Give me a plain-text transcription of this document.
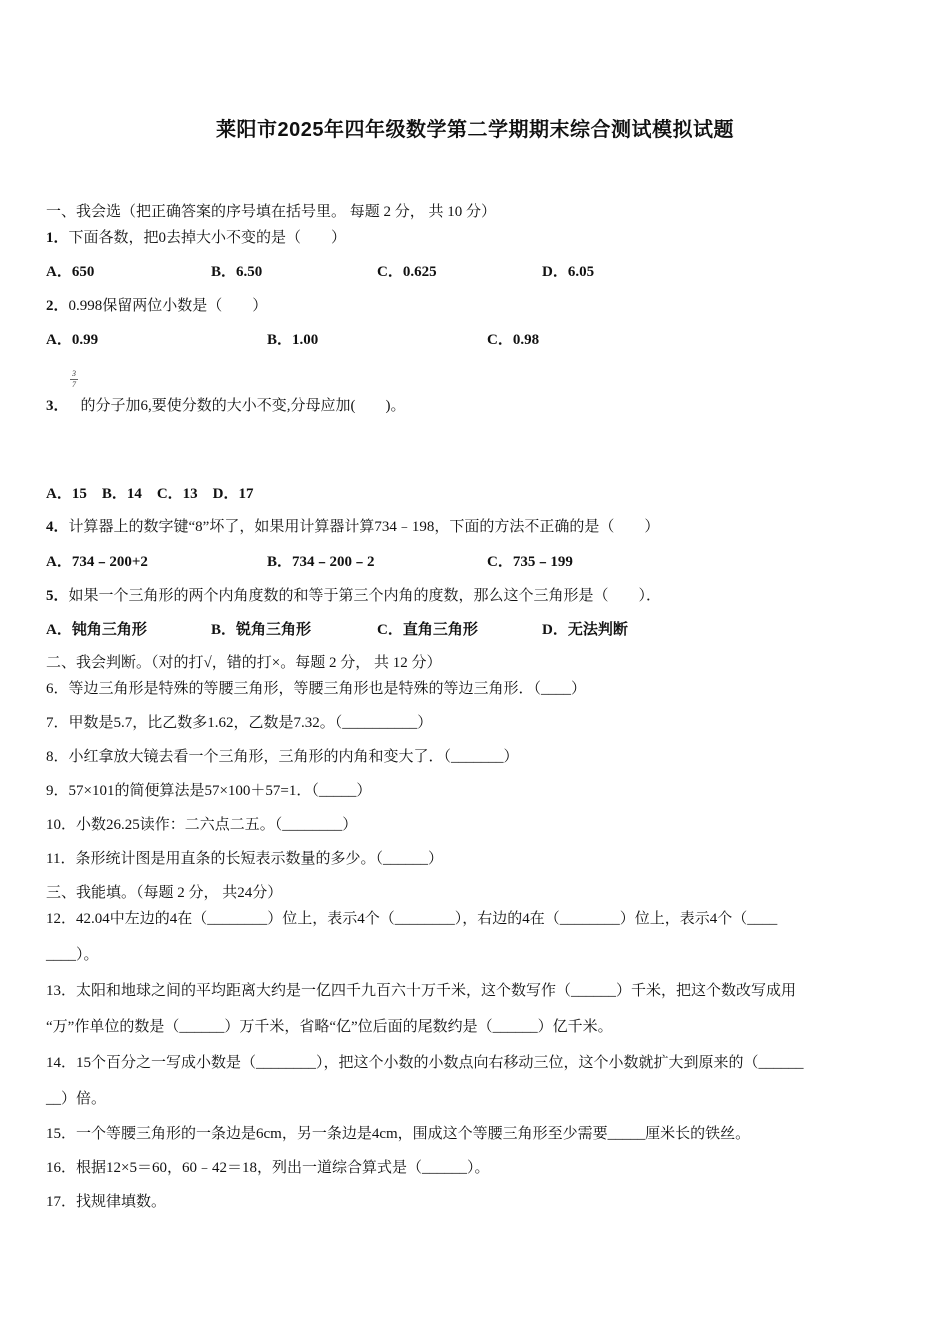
莱阳市2025年四年级数学第二学期期末综合测试模拟试题
一、我会选（把正确答案的序号填在括号里。 每题 2 分， 共 10 分）
1．下面各数，把0去掉大小不变的是（　　）
A．650	B．6.50	C．0.625	D．6.05
2．0.998保留两位小数是（　　）
A．0.99	B．1.00	C．0.98
3
7
3． 的分子加6,要使分数的大小不变,分母应加(　　)。
A．15　B．14　C．13　D．17
4．计算器上的数字键“8”坏了，如果用计算器计算734﹣198，下面的方法不正确的是（　　）
A．734﹣200+2	B．734﹣200﹣2	C．735﹣199
5．如果一个三角形的两个内角度数的和等于第三个内角的度数，那么这个三角形是（　　）．
A．钝角三角形	B．锐角三角形	C．直角三角形	D．无法判断
二、我会判断。（对的打√，错的打×。每题 2 分， 共 12 分）
6．等边三角形是特殊的等腰三角形，等腰三角形也是特殊的等边三角形．（____）
7．甲数是5.7，比乙数多1.62，乙数是7.32。（__________）
8．小红拿放大镜去看一个三角形，三角形的内角和变大了．（_______）
9．57×101的简便算法是57×100＋57=1．（_____）
10．小数26.25读作：二六点二五。（________）
11．条形统计图是用直条的长短表示数量的多少。（______）
三、我能填。（每题 2 分， 共24分）
12．42.04中左边的4在（________）位上，表示4个（________），右边的4在（________）位上，表示4个（____
____）。
13．太阳和地球之间的平均距离大约是一亿四千九百六十万千米，这个数写作（______）千米，把这个数改写成用
“万”作单位的数是（______）万千米，省略“亿”位后面的尾数约是（______）亿千米。
14．15个百分之一写成小数是（________），把这个小数的小数点向右移动三位，这个小数就扩大到原来的（______
__）倍。
15．一个等腰三角形的一条边是6cm，另一条边是4cm，围成这个等腰三角形至少需要_____厘米长的铁丝。
16．根据12×5＝60，60﹣42＝18，列出一道综合算式是（______）。
17．找规律填数。
